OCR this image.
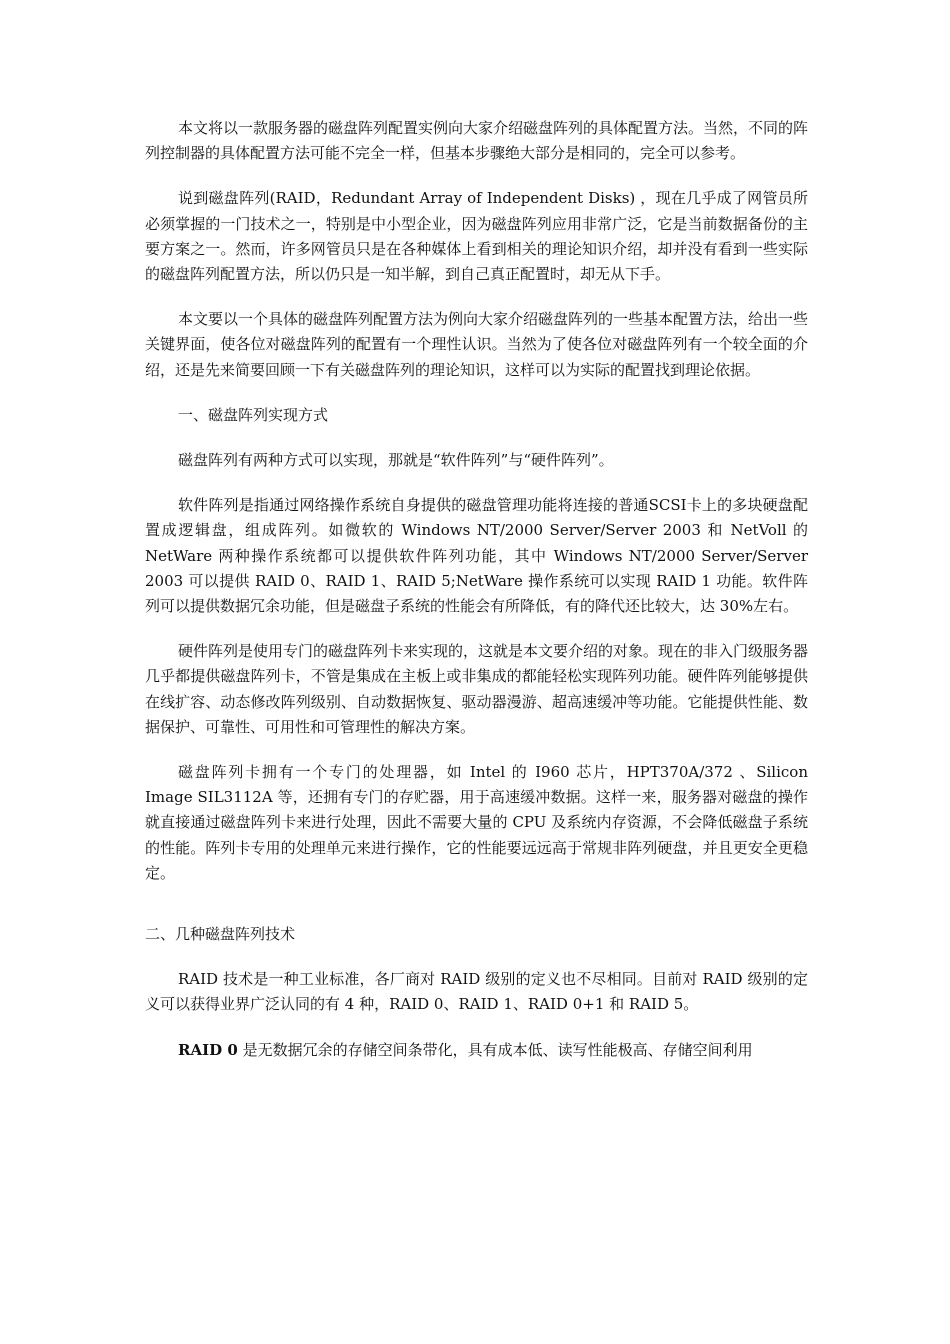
本文将以一款服务器的磁盘阵列配置实例向大家介绍磁盘阵列的具体配置方法。当然，不同的阵列控制器的具体配置方法可能不完全一样，但基本步骤绝大部分是相同的，完全可以参考。

说到磁盘阵列(RAID，Redundant Array of Independent Disks) ，现在几乎成了网管员所必须掌握的一门技术之一，特别是中小型企业，因为磁盘阵列应用非常广泛，它是当前数据备份的主要方案之一。然而，许多网管员只是在各种媒体上看到相关的理论知识介绍，却并没有看到一些实际的磁盘阵列配置方法，所以仍只是一知半解，到自己真正配置时，却无从下手。

本文要以一个具体的磁盘阵列配置方法为例向大家介绍磁盘阵列的一些基本配置方法，给出一些关键界面，使各位对磁盘阵列的配置有一个理性认识。当然为了使各位对磁盘阵列有一个较全面的介绍，还是先来简要回顾一下有关磁盘阵列的理论知识，这样可以为实际的配置找到理论依据。

一、磁盘阵列实现方式

磁盘阵列有两种方式可以实现，那就是“软件阵列”与“硬件阵列”。

软件阵列是指通过网络操作系统自身提供的磁盘管理功能将连接的普通SCSI卡上的多块硬盘配置成逻辑盘，组成阵列。如微软的 Windows NT/2000 Server/Server 2003 和 NetVoll 的 NetWare 两种操作系统都可以提供软件阵列功能，其中 Windows NT/2000 Server/Server 2003 可以提供 RAID 0、RAID 1、RAID 5;NetWare 操作系统可以实现 RAID 1 功能。软件阵列可以提供数据冗余功能，但是磁盘子系统的性能会有所降低，有的降代还比较大，达 30%左右。

硬件阵列是使用专门的磁盘阵列卡来实现的，这就是本文要介绍的对象。现在的非入门级服务器几乎都提供磁盘阵列卡，不管是集成在主板上或非集成的都能轻松实现阵列功能。硬件阵列能够提供在线扩容、动态修改阵列级别、自动数据恢复、驱动器漫游、超高速缓冲等功能。它能提供性能、数据保护、可靠性、可用性和可管理性的解决方案。

磁盘阵列卡拥有一个专门的处理器，如 Intel 的 I960 芯片，HPT370A/372 、Silicon Image SIL3112A 等，还拥有专门的存贮器，用于高速缓冲数据。这样一来，服务器对磁盘的操作就直接通过磁盘阵列卡来进行处理，因此不需要大量的 CPU 及系统内存资源，不会降低磁盘子系统的性能。阵列卡专用的处理单元来进行操作，它的性能要远远高于常规非阵列硬盘，并且更安全更稳定。

二、几种磁盘阵列技术

RAID 技术是一种工业标准，各厂商对 RAID 级别的定义也不尽相同。目前对 RAID 级别的定义可以获得业界广泛认同的有 4 种，RAID 0、RAID 1、RAID 0+1 和 RAID 5。

RAID 0 是无数据冗余的存储空间条带化，具有成本低、读写性能极高、存储空间利用
